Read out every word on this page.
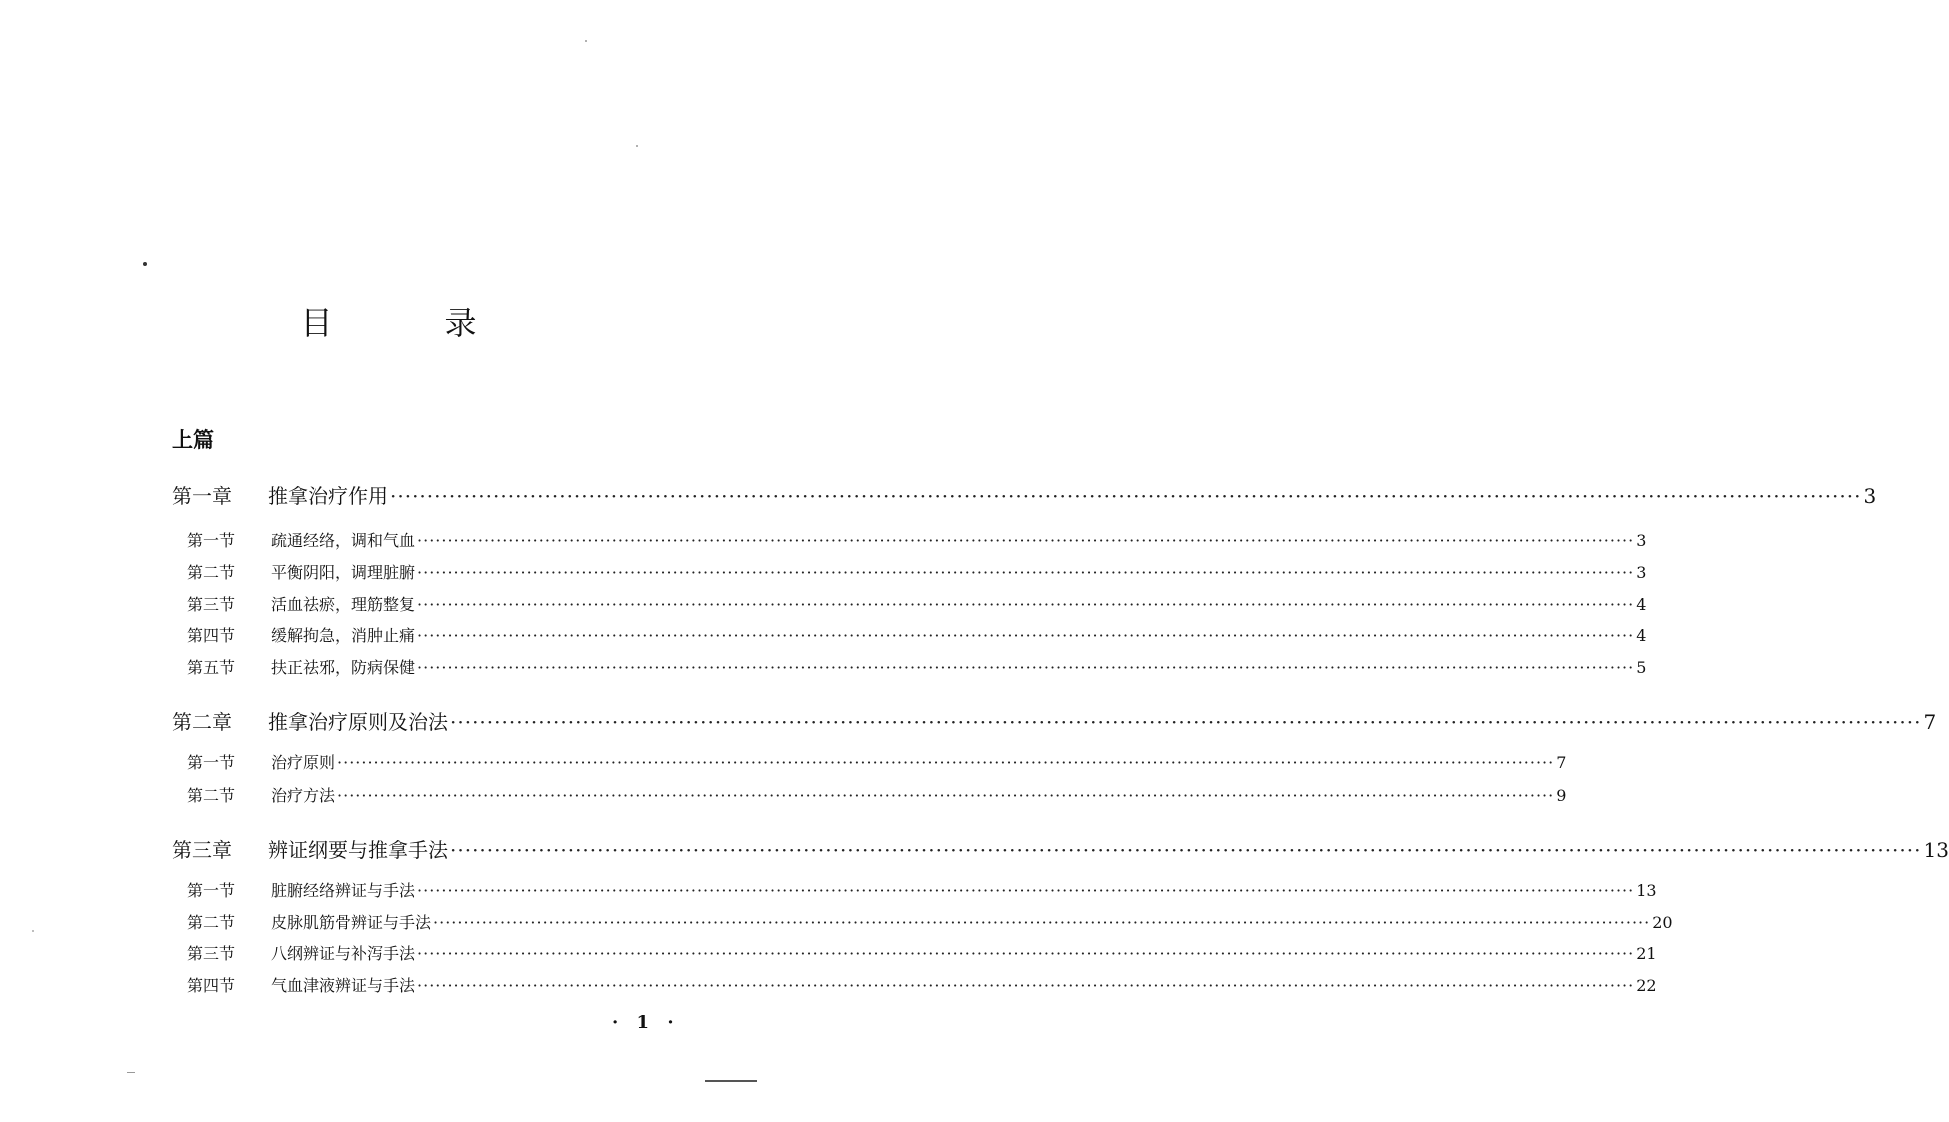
目　录
上篇
第一章	推拿治疗作用 ········································································································································································································ 3
第一节	疏通经络，调和气血 ········································································································································································································ 3
第二节	平衡阴阳，调理脏腑 ········································································································································································································ 3
第三节	活血祛瘀，理筋整复 ········································································································································································································ 4
第四节	缓解拘急，消肿止痛 ········································································································································································································ 4
第五节	扶正祛邪，防病保健 ········································································································································································································ 5
第二章	推拿治疗原则及治法 ········································································································································································································ 7
第一节	治疗原则 ········································································································································································································ 7
第二节	治疗方法 ········································································································································································································ 9
第三章	辨证纲要与推拿手法 ········································································································································································································ 13
第一节	脏腑经络辨证与手法 ········································································································································································································ 13
第二节	皮脉肌筋骨辨证与手法 ········································································································································································································ 20
第三节	八纲辨证与补泻手法 ········································································································································································································ 21
第四节	气血津液辨证与手法 ········································································································································································································ 22
· 1 ·
